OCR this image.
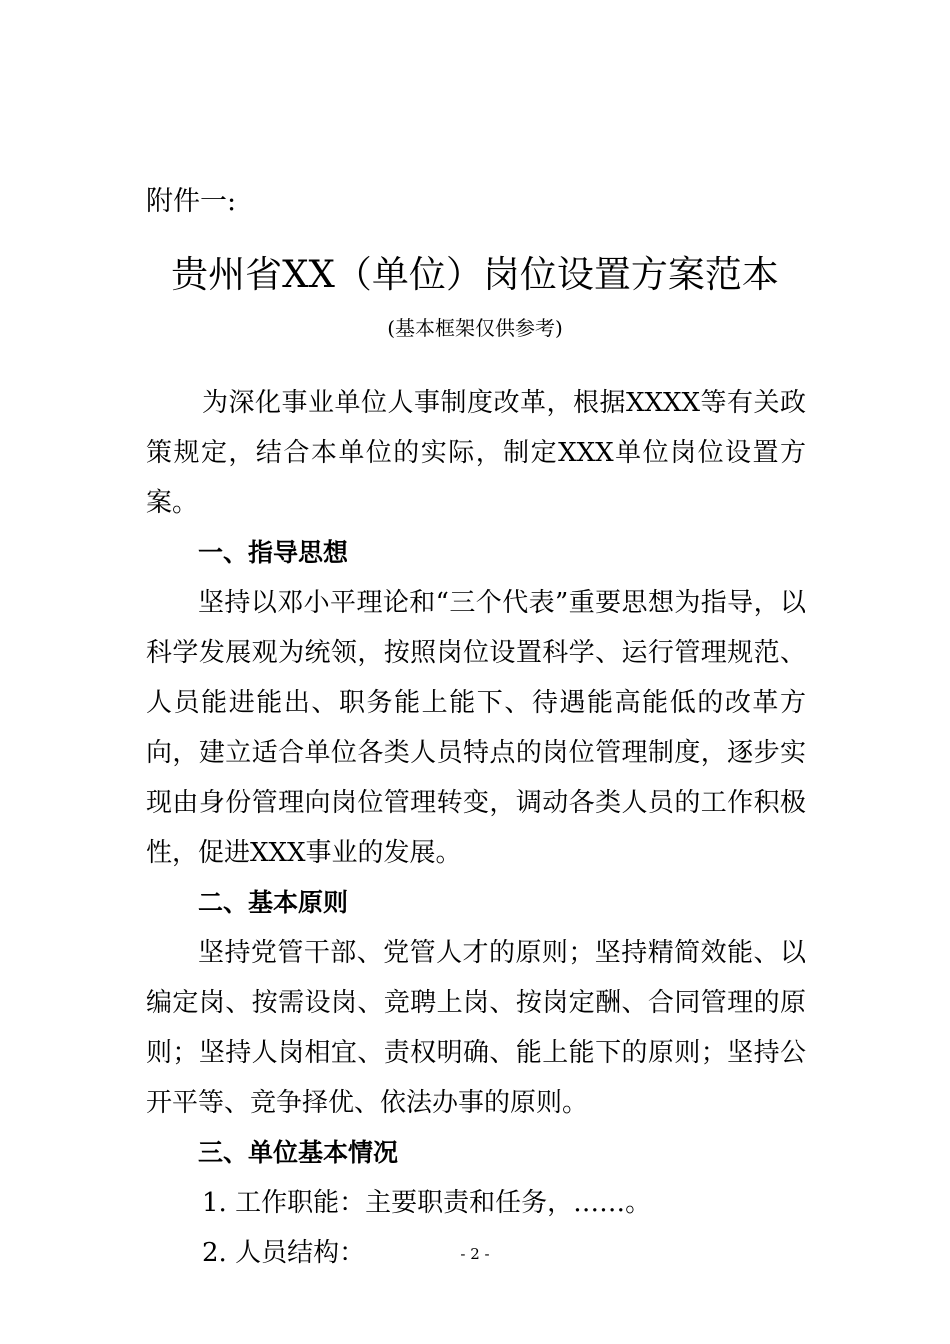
附件一:

贵州省XX（单位）岗位设置方案范本

(基本框架仅供参考)

为深化事业单位人事制度改革，根据XXXX等有关政策规定，结合本单位的实际，制定XXX单位岗位设置方案。

一、指导思想

坚持以邓小平理论和“三个代表”重要思想为指导，以科学发展观为统领，按照岗位设置科学、运行管理规范、人员能进能出、职务能上能下、待遇能高能低的改革方向，建立适合单位各类人员特点的岗位管理制度，逐步实现由身份管理向岗位管理转变，调动各类人员的工作积极性，促进XXX事业的发展。

二、基本原则

坚持党管干部、党管人才的原则；坚持精简效能、以编定岗、按需设岗、竞聘上岗、按岗定酬、合同管理的原则；坚持人岗相宜、责权明确、能上能下的原则；坚持公开平等、竞争择优、依法办事的原则。

三、单位基本情况

1. 工作职能：主要职责和任务，……。

2. 人员结构：	- 2 -
